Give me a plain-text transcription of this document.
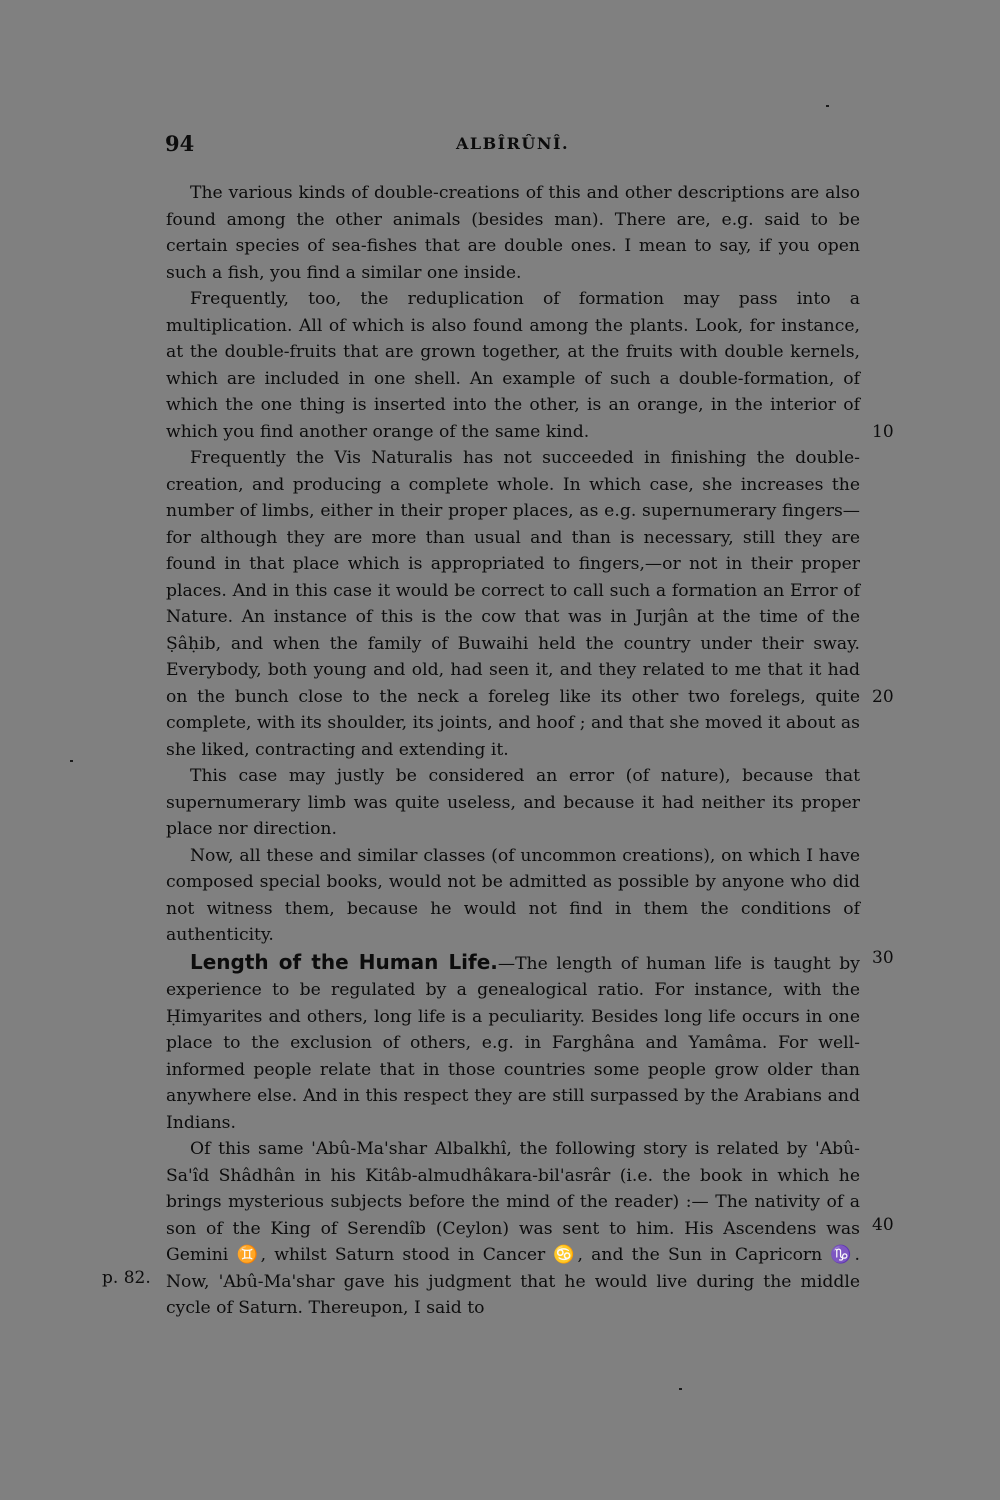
94	ALBÎRÛNÎ.

The various kinds of double-creations of this and other descriptions are also found among the other animals (besides man). There are, e.g. said to be certain species of sea-fishes that are double ones. I mean to say, if you open such a fish, you find a similar one inside.

Frequently, too, the reduplication of formation may pass into a multiplication. All of which is also found among the plants. Look, for instance, at the double-fruits that are grown together, at the fruits with double kernels, which are included in one shell. An example of such a double-formation, of which the one thing is inserted into the other, is an orange, in the interior of which you find another orange of the same kind.

Frequently the Vis Naturalis has not succeeded in finishing the double-creation, and producing a complete whole. In which case, she increases the number of limbs, either in their proper places, as e.g. supernumerary fingers—for although they are more than usual and than is necessary, still they are found in that place which is appropriated to fingers,—or not in their proper places. And in this case it would be correct to call such a formation an Error of Nature. An instance of this is the cow that was in Jurjân at the time of the Ṣâḥib, and when the family of Buwaihi held the country under their sway. Everybody, both young and old, had seen it, and they related to me that it had on the bunch close to the neck a foreleg like its other two forelegs, quite complete, with its shoulder, its joints, and hoof ; and that she moved it about as she liked, contracting and extending it.

This case may justly be considered an error (of nature), because that supernumerary limb was quite useless, and because it had neither its proper place nor direction.

Now, all these and similar classes (of uncommon creations), on which I have composed special books, would not be admitted as possible by anyone who did not witness them, because he would not find in them the conditions of authenticity.

Length of the Human Life.—The length of human life is taught by experience to be regulated by a genealogical ratio. For instance, with the Ḥimyarites and others, long life is a peculiarity. Besides long life occurs in one place to the exclusion of others, e.g. in Farghâna and Yamâma. For well-informed people relate that in those countries some people grow older than anywhere else. And in this respect they are still surpassed by the Arabians and Indians.

Of this same 'Abû-Ma'shar Albalkhî, the following story is related by 'Abû-Sa'îd Shâdhân in his Kitâb-almudhâkara-bil'asrâr (i.e. the book in which he brings mysterious subjects before the mind of the reader) :— The nativity of a son of the King of Serendîb (Ceylon) was sent to him. His Ascendens was Gemini ♊, whilst Saturn stood in Cancer ♋, and the Sun in Capricorn ♑. Now, 'Abû-Ma'shar gave his judgment that he would live during the middle cycle of Saturn. Thereupon, I said to

10
20
30
40
p. 82.
